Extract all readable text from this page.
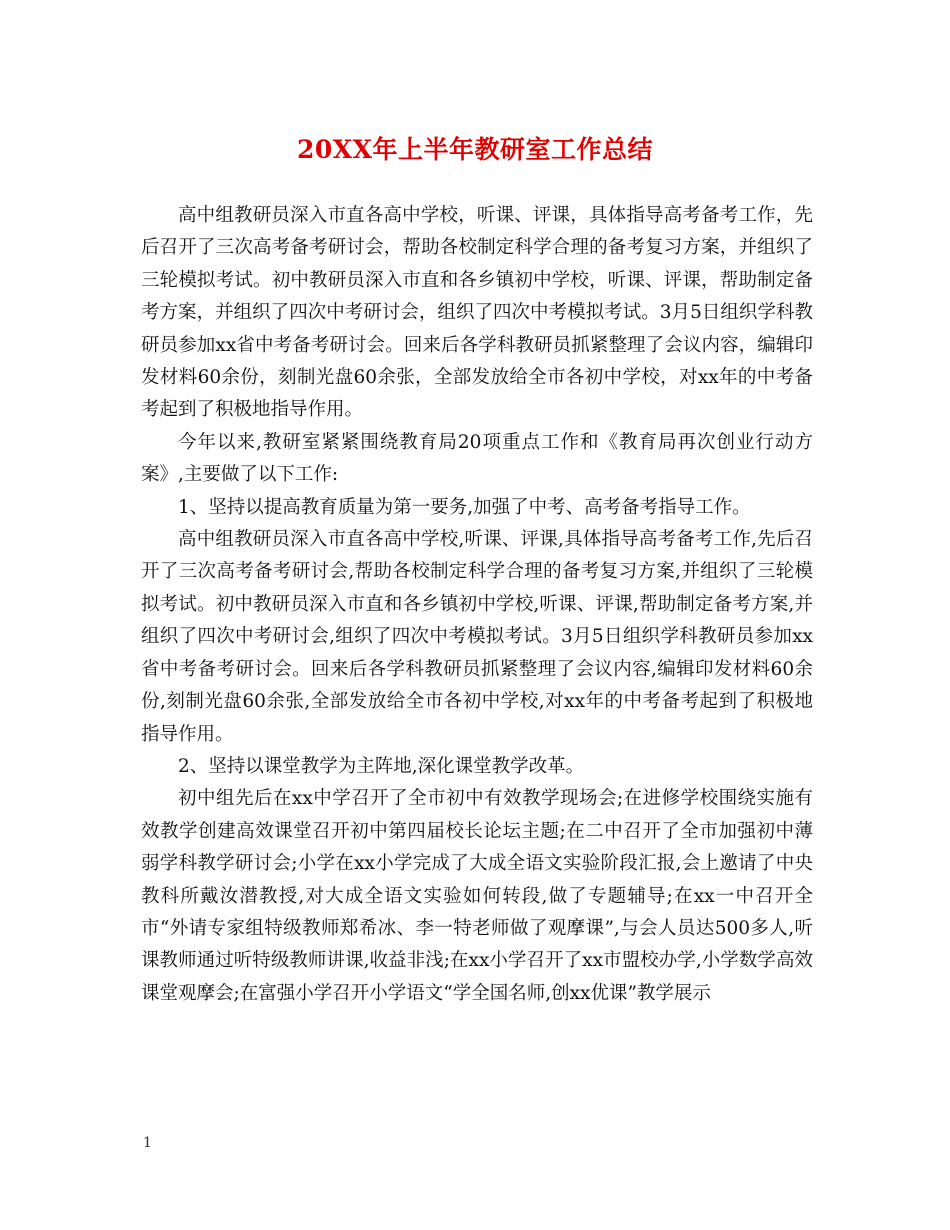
20XX年上半年教研室工作总结

高中组教研员深入市直各高中学校，听课、评课，具体指导高考备考工作，先后召开了三次高考备考研讨会，帮助各校制定科学合理的备考复习方案，并组织了三轮模拟考试。初中教研员深入市直和各乡镇初中学校，听课、评课，帮助制定备考方案，并组织了四次中考研讨会，组织了四次中考模拟考试。3月5日组织学科教研员参加xx省中考备考研讨会。回来后各学科教研员抓紧整理了会议内容，编辑印发材料60余份，刻制光盘60余张，全部发放给全市各初中学校，对xx年的中考备考起到了积极地指导作用。

今年以来,教研室紧紧围绕教育局20项重点工作和《教育局再次创业行动方案》,主要做了以下工作:

1、坚持以提高教育质量为第一要务,加强了中考、高考备考指导工作。

高中组教研员深入市直各高中学校,听课、评课,具体指导高考备考工作,先后召开了三次高考备考研讨会,帮助各校制定科学合理的备考复习方案,并组织了三轮模拟考试。初中教研员深入市直和各乡镇初中学校,听课、评课,帮助制定备考方案,并组织了四次中考研讨会,组织了四次中考模拟考试。3月5日组织学科教研员参加xx省中考备考研讨会。回来后各学科教研员抓紧整理了会议内容,编辑印发材料60余份,刻制光盘60余张,全部发放给全市各初中学校,对xx年的中考备考起到了积极地指导作用。

2、坚持以课堂教学为主阵地,深化课堂教学改革。

初中组先后在xx中学召开了全市初中有效教学现场会;在进修学校围绕实施有效教学创建高效课堂召开初中第四届校长论坛主题;在二中召开了全市加强初中薄弱学科教学研讨会;小学在xx小学完成了大成全语文实验阶段汇报,会上邀请了中央教科所戴汝潜教授,对大成全语文实验如何转段,做了专题辅导;在xx一中召开全市“外请专家组特级教师郑希冰、李一特老师做了观摩课”,与会人员达500多人,听课教师通过听特级教师讲课,收益非浅;在xx小学召开了xx市盟校办学,小学数学高效课堂观摩会;在富强小学召开小学语文“学全国名师,创xx优课”教学展示

1
